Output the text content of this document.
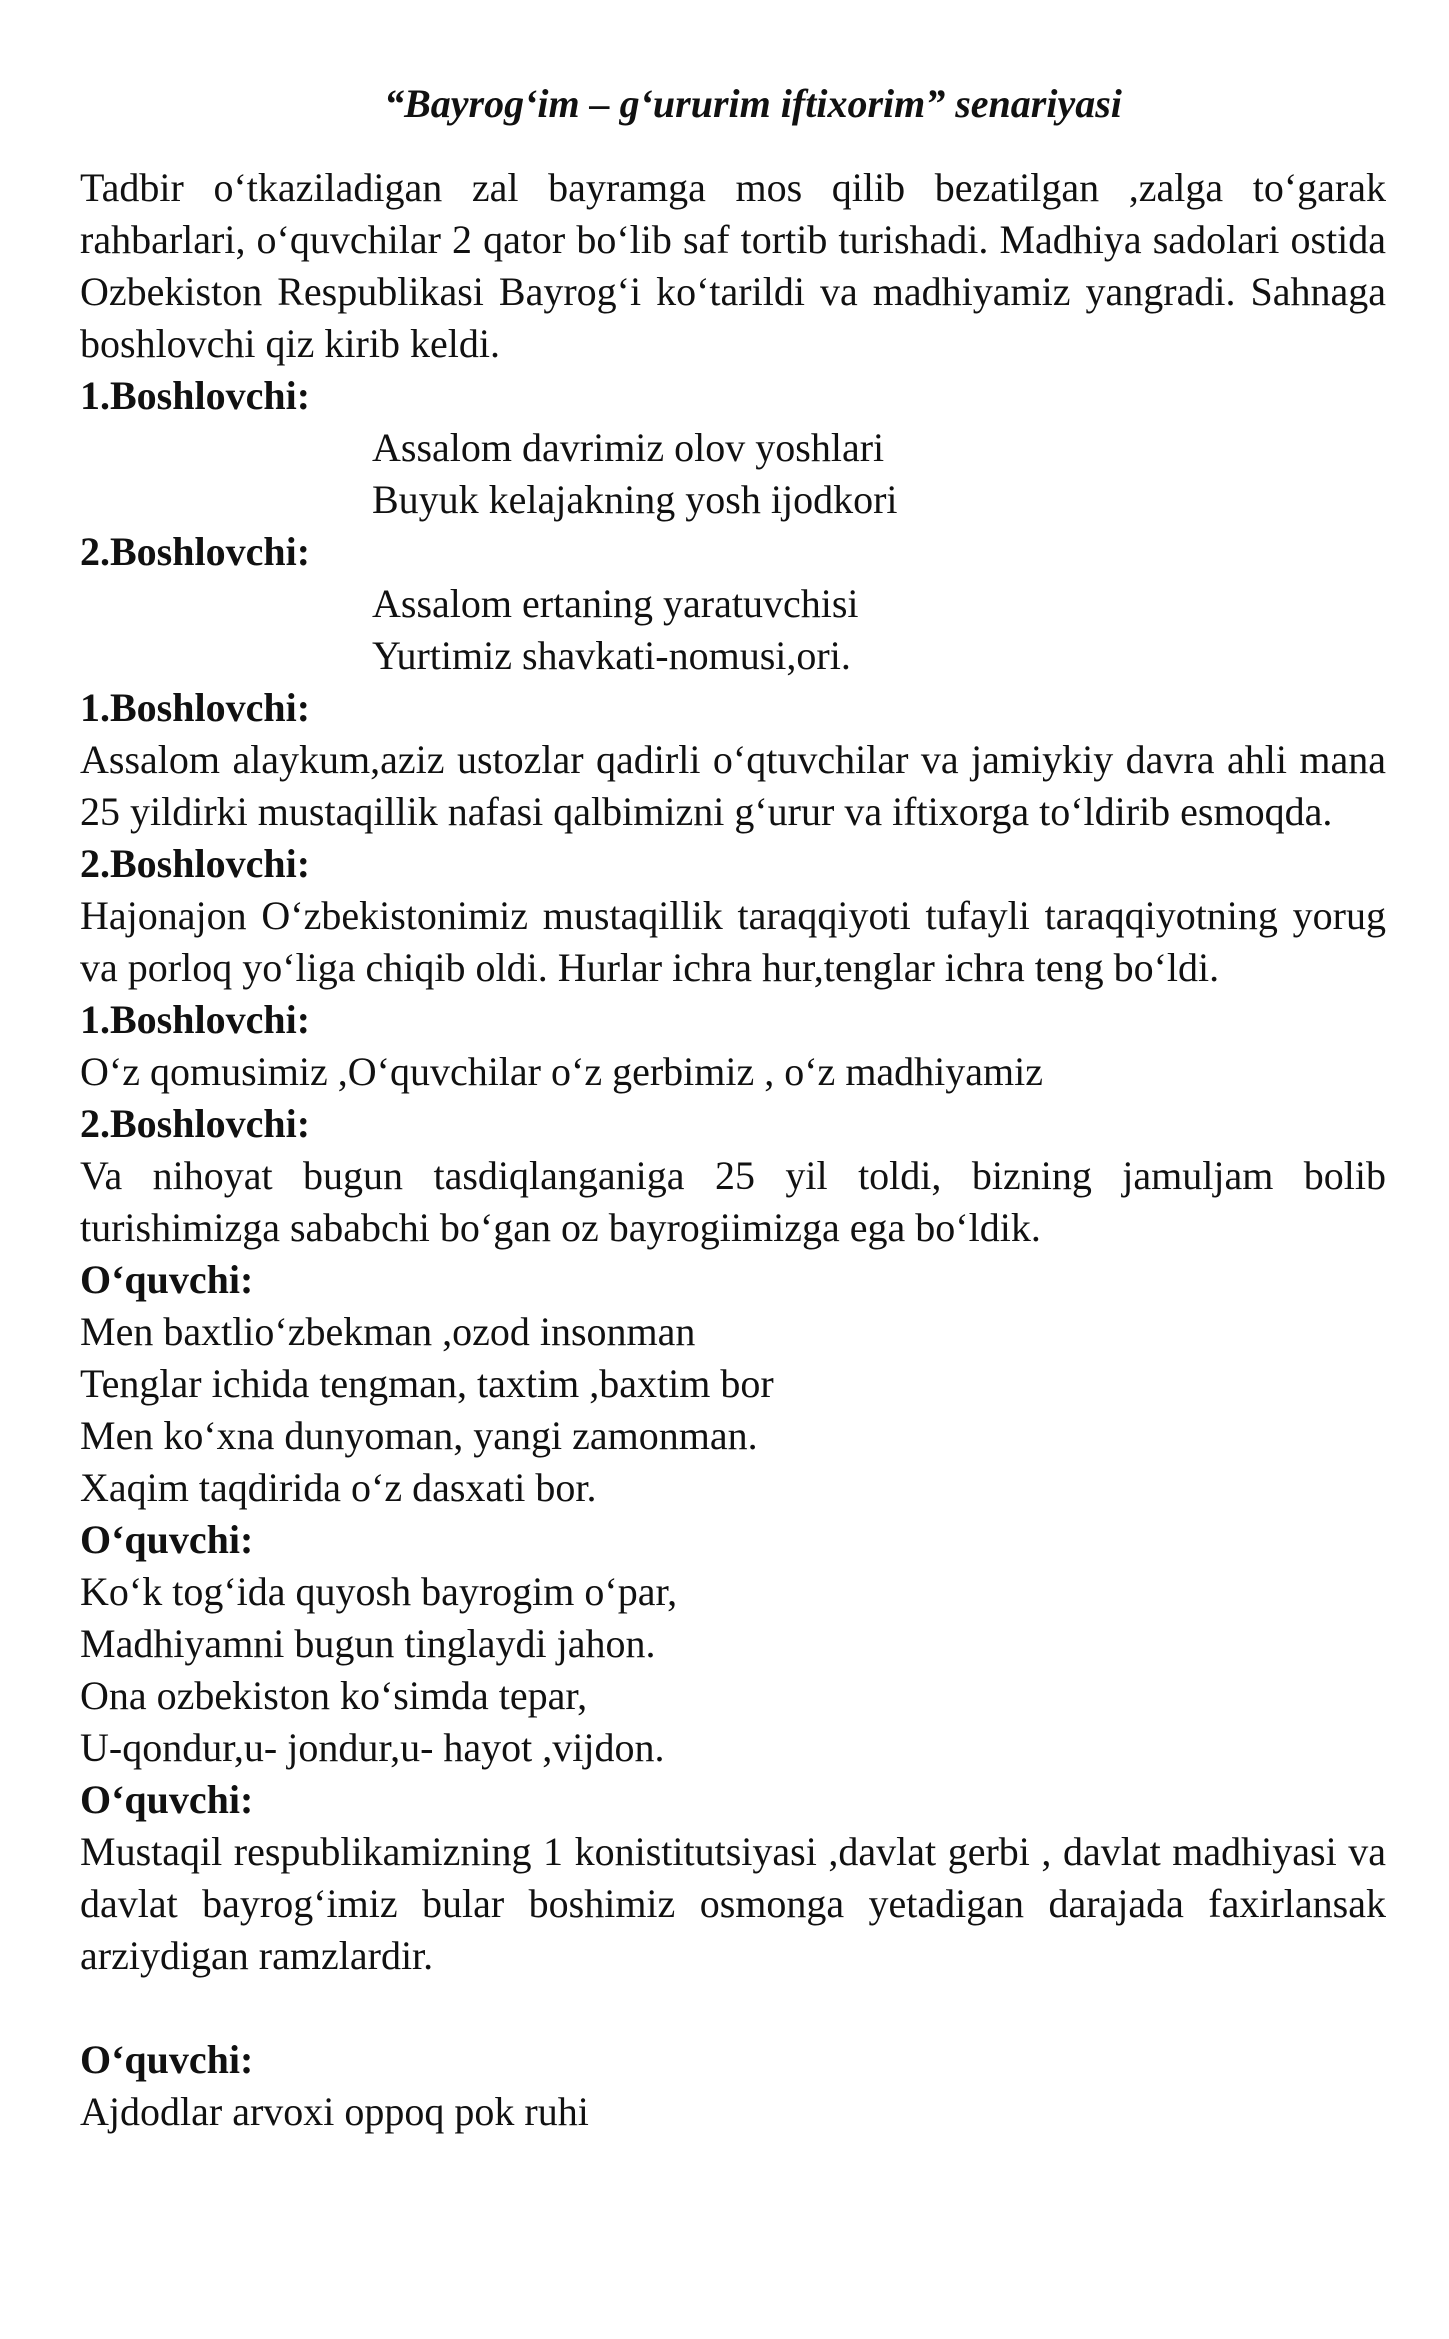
“Bayrog‘im – g‘ururim iftixorim” senariyasi
Tadbir o‘tkaziladigan zal bayramga mos qilib bezatilgan ,zalga to‘garak rahbarlari, o‘quvchilar 2 qator bo‘lib saf tortib turishadi. Madhiya sadolari ostida Ozbekiston Respublikasi Bayrog‘i ko‘tarildi va madhiyamiz yangradi. Sahnaga boshlovchi qiz kirib keldi.
1.Boshlovchi:
Assalom davrimiz olov yoshlari
Buyuk kelajakning yosh ijodkori
2.Boshlovchi:
Assalom ertaning yaratuvchisi
Yurtimiz shavkati-nomusi,ori.
1.Boshlovchi:
Assalom alaykum,aziz ustozlar qadirli o‘qtuvchilar va jamiykiy davra ahli mana 25 yildirki mustaqillik nafasi qalbimizni g‘urur va iftixorga to‘ldirib esmoqda.
2.Boshlovchi:
Hajonajon O‘zbekistonimiz mustaqillik taraqqiyoti tufayli taraqqiyotning yorug va porloq yo‘liga chiqib oldi. Hurlar ichra hur,tenglar ichra teng bo‘ldi.
1.Boshlovchi:
O‘z qomusimiz ,O‘quvchilar o‘z gerbimiz , o‘z madhiyamiz
2.Boshlovchi:
Va nihoyat bugun tasdiqlanganiga 25 yil toldi, bizning jamuljam bolib turishimizga sababchi bo‘gan oz bayrogiimizga ega bo‘ldik.
O‘quvchi:
Men baxtlio‘zbekman ,ozod insonman
Tenglar ichida tengman, taxtim ,baxtim bor
Men ko‘xna dunyoman, yangi zamonman.
Xaqim taqdirida o‘z dasxati bor.
O‘quvchi:
Ko‘k tog‘ida quyosh bayrogim o‘par,
Madhiyamni bugun tinglaydi jahon.
Ona ozbekiston ko‘simda tepar,
U-qondur,u- jondur,u- hayot ,vijdon.
O‘quvchi:
Mustaqil respublikamizning 1 konistitutsiyasi ,davlat gerbi , davlat madhiyasi va davlat bayrog‘imiz bular boshimiz osmonga yetadigan darajada faxirlansak arziydigan ramzlardir.
O‘quvchi:
Ajdodlar arvoxi oppoq pok ruhi
